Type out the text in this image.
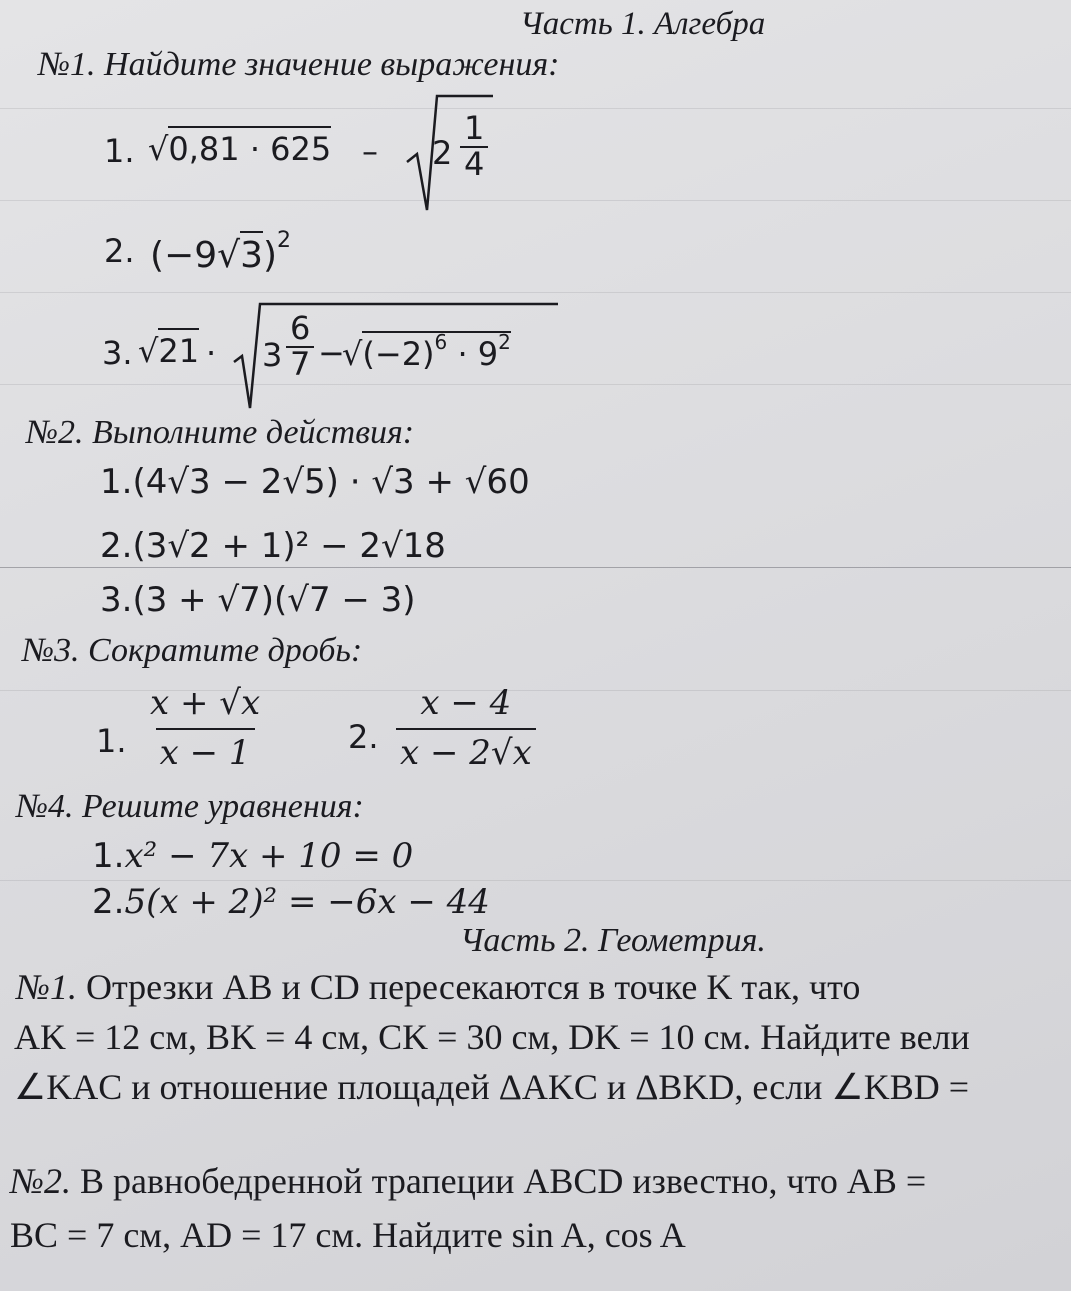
Часть 1. Алгебра
№1. Найдите значение выражения:
1. $√0,81 \cdot 625 - 2 \frac{1}{4}$
2. $(-9√3)^2$
3. $√21 \cdot 3 \frac{6}{7}$ −
$√(-2)^6 \cdot 9^2$
№2. Выполните действия:
1.(4√3 − 2√5) · √3 + √60
2.(3√2 + 1)² − 2√18
3.(3 + √7)(√7 − 3)
№3. Сократите дробь:
1. $\frac{x + √x}{x - 1}$	2. $\frac{x - 4}{x - 2√x}$
№4. Решите уравнения:
1.x² − 7x + 10 = 0
2.5(x + 2)² = −6x − 44
Часть 2. Геометрия.
№1. Отрезки AB и CD пересекаются в точке K так, что
AK = 12 см, BK = 4 см, CK = 30 см, DK = 10 см. Найдите вели
∠KAC и отношение площадей ΔAKC и ΔBKD, если ∠KBD =
№2. В равнобедренной трапеции ABCD известно, что AB =
BC = 7 см, AD = 17 см. Найдите sin A, cos A
